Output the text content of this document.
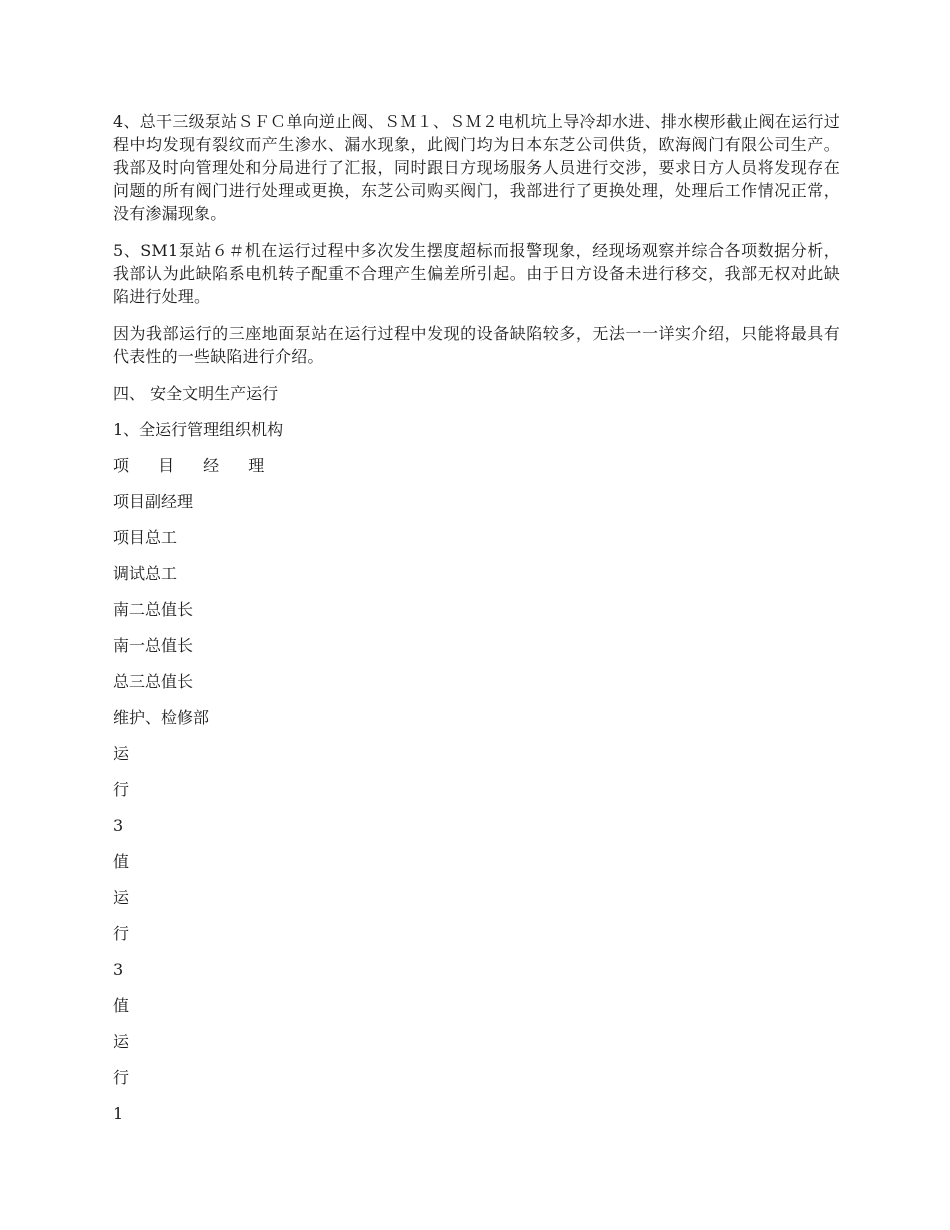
4、总干三级泵站ＳＦＣ单向逆止阀、ＳＭ１、ＳＭ２电机坑上导冷却水进、排水楔形截止阀在运行过程中均发现有裂纹而产生渗水、漏水现象，此阀门均为日本东芝公司供货，欧海阀门有限公司生产。我部及时向管理处和分局进行了汇报，同时跟日方现场服务人员进行交涉，要求日方人员将发现存在问题的所有阀门进行处理或更换，东芝公司购买阀门，我部进行了更换处理，处理后工作情况正常，没有渗漏现象。

5、SM1泵站６＃机在运行过程中多次发生摆度超标而报警现象，经现场观察并综合各项数据分析，我部认为此缺陷系电机转子配重不合理产生偏差所引起。由于日方设备未进行移交，我部无权对此缺陷进行处理。

因为我部运行的三座地面泵站在运行过程中发现的设备缺陷较多，无法一一详实介绍，只能将最具有代表性的一些缺陷进行介绍。

四、 安全文明生产运行

1、全运行管理组织机构

项 目 经 理

项目副经理

项目总工

调试总工

南二总值长

南一总值长

总三总值长

维护、检修部

运

行

3

值

运

行

3

值

运

行

1
